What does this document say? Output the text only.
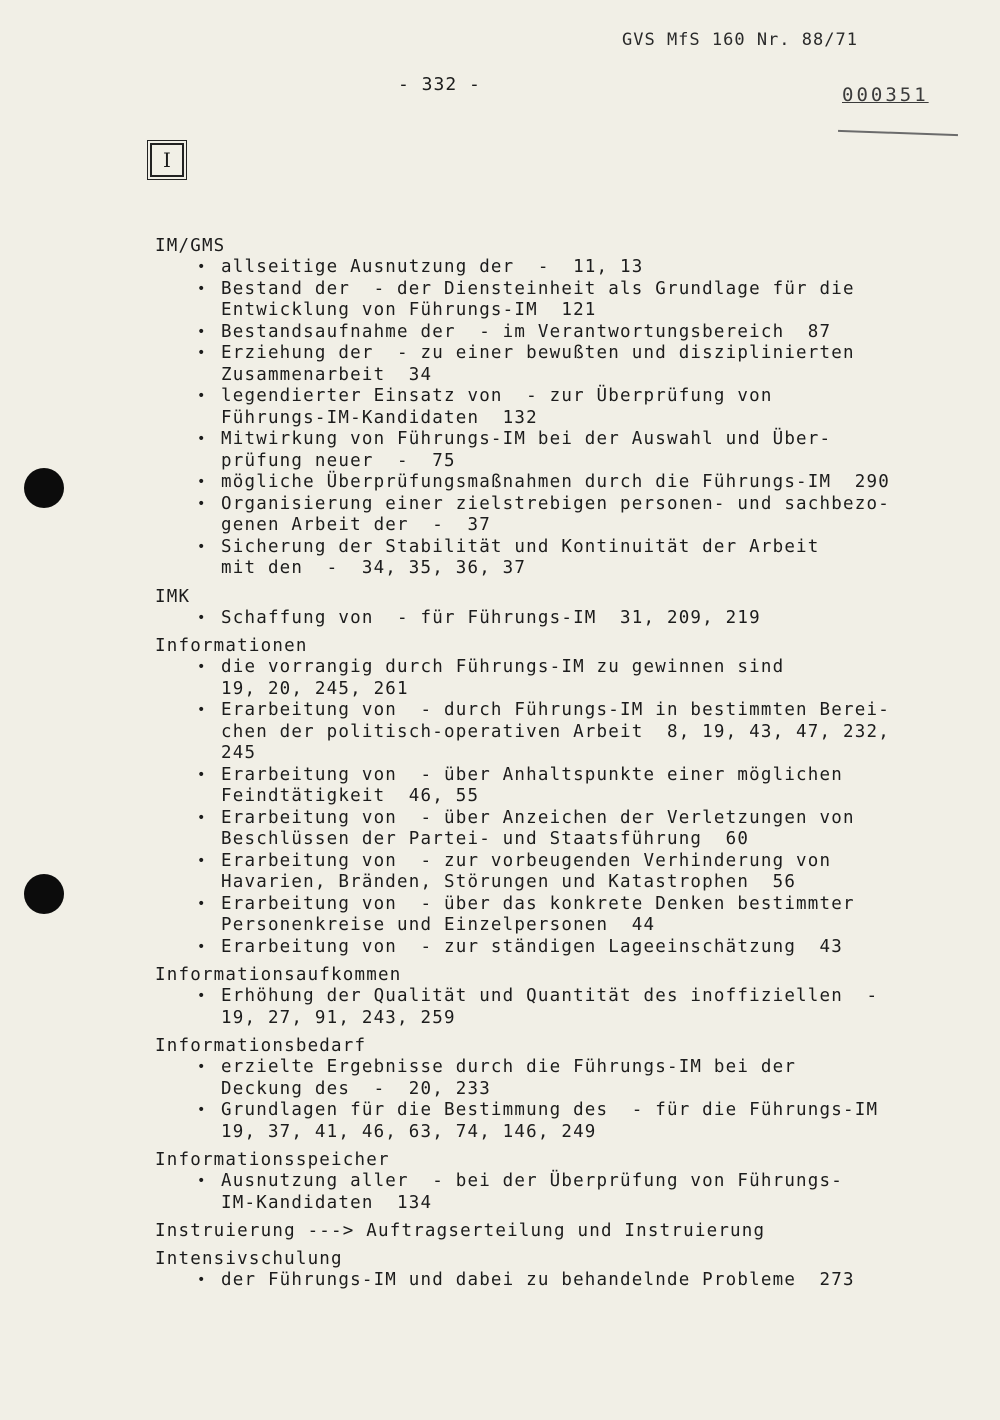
GVS MfS 160 Nr. 88/71
000351
- 332 -
I
IM/GMS
• allseitige Ausnutzung der  -  11, 13
• Bestand der  - der Diensteinheit als Grundlage für die
Entwicklung von Führungs-IM  121
• Bestandsaufnahme der  - im Verantwortungsbereich  87
• Erziehung der  - zu einer bewußten und disziplinierten
Zusammenarbeit  34
• legendierter Einsatz von  - zur Überprüfung von
Führungs-IM-Kandidaten  132
• Mitwirkung von Führungs-IM bei der Auswahl und Über-
prüfung neuer  -  75
• mögliche Überprüfungsmaßnahmen durch die Führungs-IM  290
• Organisierung einer zielstrebigen personen- und sachbezo-
genen Arbeit der  -  37
• Sicherung der Stabilität und Kontinuität der Arbeit
mit den  -  34, 35, 36, 37
IMK
• Schaffung von  - für Führungs-IM  31, 209, 219
Informationen
• die vorrangig durch Führungs-IM zu gewinnen sind
19, 20, 245, 261
• Erarbeitung von  - durch Führungs-IM in bestimmten Berei-
chen der politisch-operativen Arbeit  8, 19, 43, 47, 232,
245
• Erarbeitung von  - über Anhaltspunkte einer möglichen
Feindtätigkeit  46, 55
• Erarbeitung von  - über Anzeichen der Verletzungen von
Beschlüssen der Partei- und Staatsführung  60
• Erarbeitung von  - zur vorbeugenden Verhinderung von
Havarien, Bränden, Störungen und Katastrophen  56
• Erarbeitung von  - über das konkrete Denken bestimmter
Personenkreise und Einzelpersonen  44
• Erarbeitung von  - zur ständigen Lageeinschätzung  43
Informationsaufkommen
• Erhöhung der Qualität und Quantität des inoffiziellen  -
19, 27, 91, 243, 259
Informationsbedarf
• erzielte Ergebnisse durch die Führungs-IM bei der
Deckung des  -  20, 233
• Grundlagen für die Bestimmung des  - für die Führungs-IM
19, 37, 41, 46, 63, 74, 146, 249
Informationsspeicher
• Ausnutzung aller  - bei der Überprüfung von Führungs-
IM-Kandidaten  134
Instruierung ---> Auftragserteilung und Instruierung
Intensivschulung
• der Führungs-IM und dabei zu behandelnde Probleme  273
